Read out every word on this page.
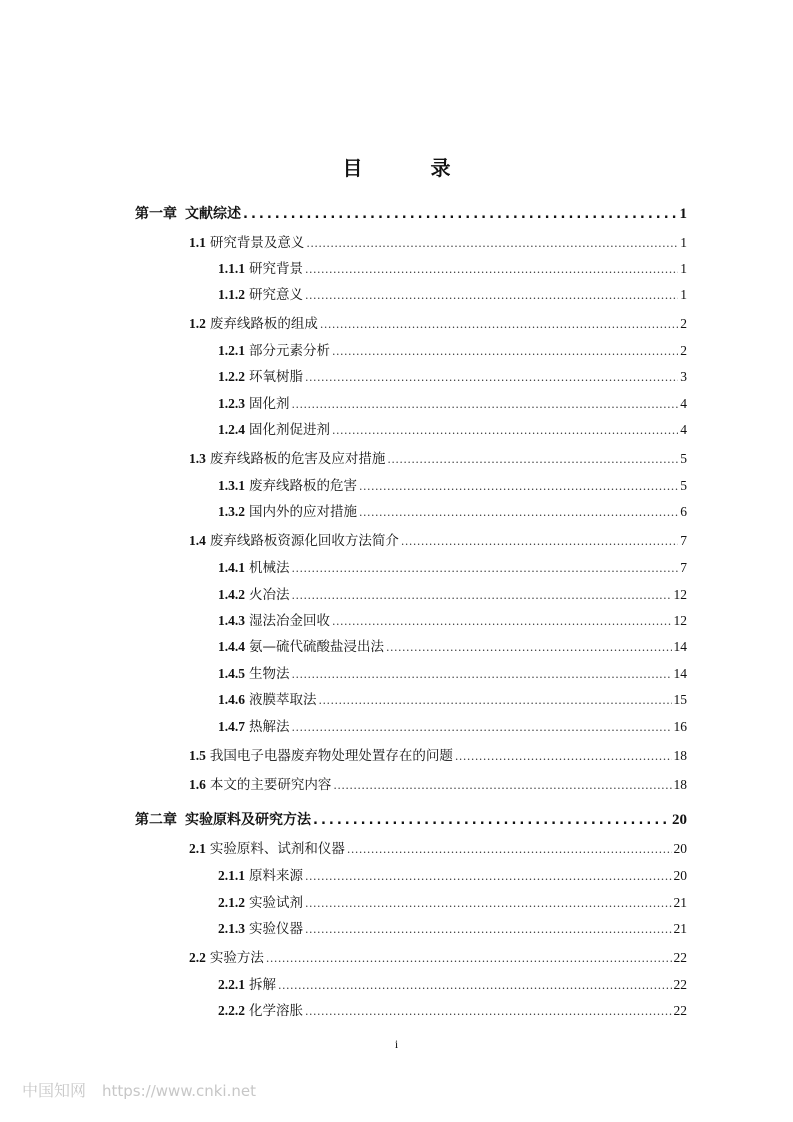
目　录
第一章 文献综述 .....	1
1.1 研究背景及意义 .....	1
1.1.1 研究背景 .....	1
1.1.2 研究意义 .....	1
1.2 废弃线路板的组成 .....	2
1.2.1 部分元素分析 .....	2
1.2.2 环氧树脂 .....	3
1.2.3 固化剂 .....	4
1.2.4 固化剂促进剂 .....	4
1.3 废弃线路板的危害及应对措施 .....	5
1.3.1 废弃线路板的危害 .....	5
1.3.2 国内外的应对措施 .....	6
1.4 废弃线路板资源化回收方法简介 .....	7
1.4.1 机械法 .....	7
1.4.2 火冶法 .....	12
1.4.3 湿法冶金回收 .....	12
1.4.4 氨—硫代硫酸盐浸出法 .....	14
1.4.5 生物法 .....	14
1.4.6 液膜萃取法 .....	15
1.4.7 热解法 .....	16
1.5 我国电子电器废弃物处理处置存在的问题 .....	18
1.6 本文的主要研究内容 .....	18
第二章 实验原料及研究方法 .....	20
2.1 实验原料、试剂和仪器 .....	20
2.1.1 原料来源 .....	20
2.1.2 实验试剂 .....	21
2.1.3 实验仪器 .....	21
2.2 实验方法 .....	22
2.2.1 拆解 .....	22
2.2.2 化学溶胀 .....	22
i
中国知网 https://www.cnki.net
